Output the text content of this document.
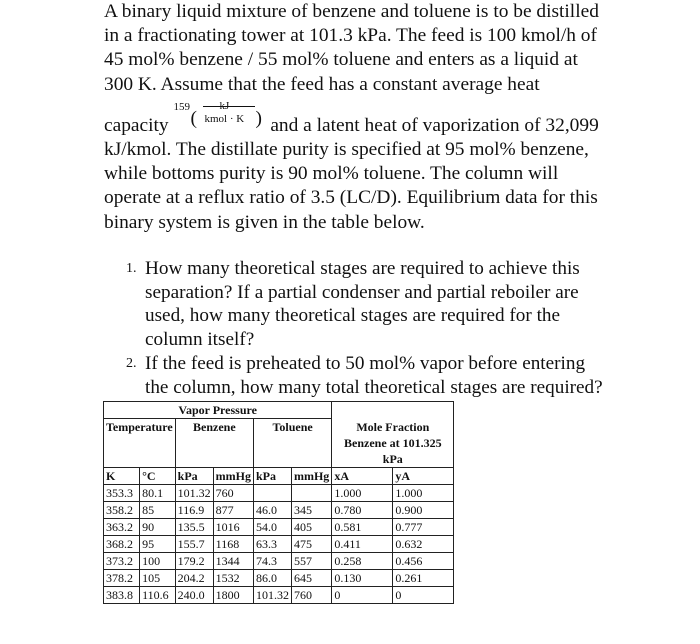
A binary liquid mixture of benzene and toluene is to be distilled
in a fractionating tower at 101.3 kPa. The feed is 100 kmol/h of
45 mol% benzene / 55 mol% toluene and enters as a liquid at
300 K. Assume that the feed has a constant average heat
capacity (
159	kJ
kmol · K ) and a latent heat of vaporization of 32,099
kJ/kmol. The distillate purity is specified at 95 mol% benzene,
while bottoms purity is 90 mol% toluene. The column will
operate at a reflux ratio of 3.5 (LC/D). Equilibrium data for this
binary system is given in the table below.
1. How many theoretical stages are required to achieve this
separation? If a partial condenser and partial reboiler are
used, how many theoretical stages are required for the
column itself?
2. If the feed is preheated to 50 mol% vapor before entering
the column, how many total theoretical stages are required?
Vapor Pressure							
Temperature		Benzene		Toluene		Mole Fraction Benzene at 101.325 kPa	
K	°C	kPa	mmHg	kPa	mmHg	xA	yA
353.3	80.1	101.32	760			1.000	1.000
358.2	85	116.9	877	46.0	345	0.780	0.900
363.2	90	135.5	1016	54.0	405	0.581	0.777
368.2	95	155.7	1168	63.3	475	0.411	0.632
373.2	100	179.2	1344	74.3	557	0.258	0.456
378.2	105	204.2	1532	86.0	645	0.130	0.261
383.8	110.6	240.0	1800	101.32	760	0	0
